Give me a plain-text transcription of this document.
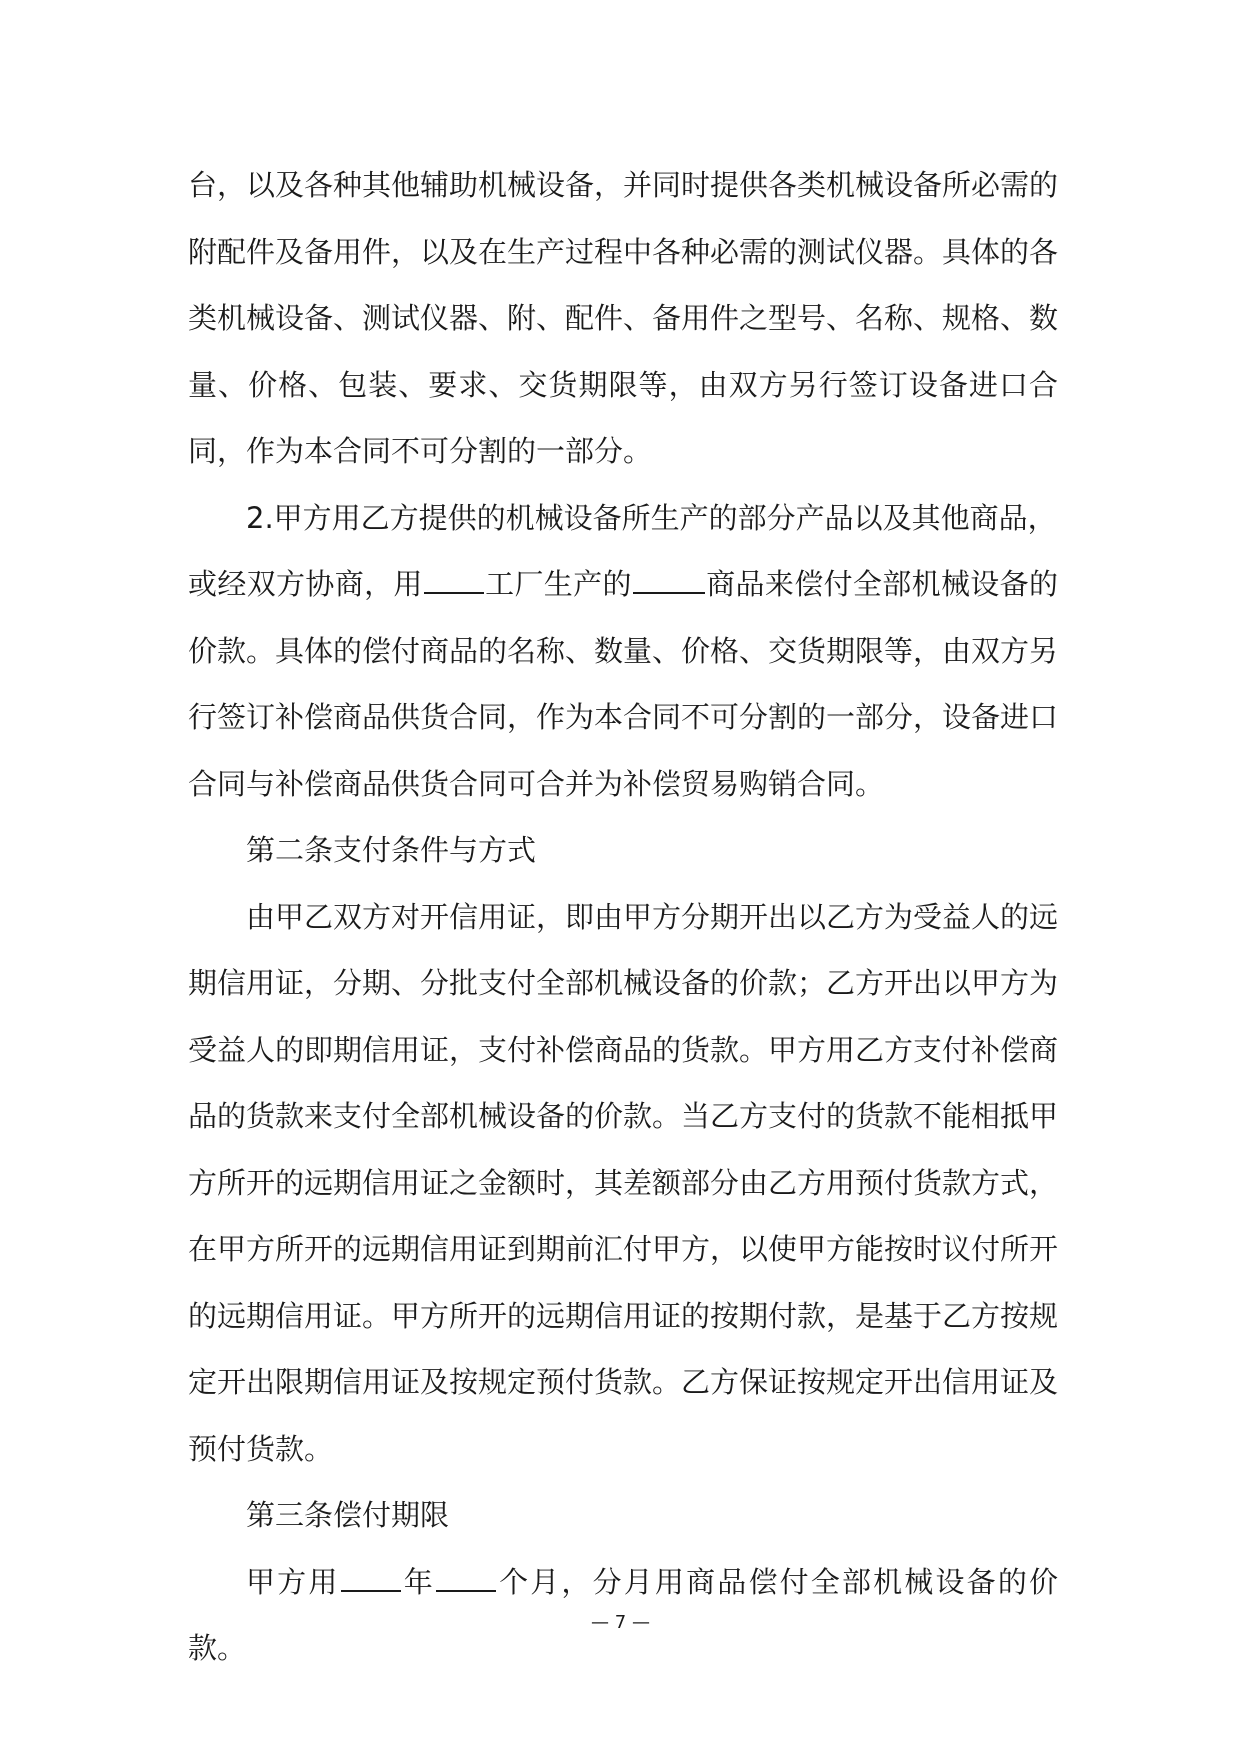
台，以及各种其他辅助机械设备，并同时提供各类机械设备所必需的附配件及备用件，以及在生产过程中各种必需的测试仪器。具体的各类机械设备、测试仪器、附、配件、备用件之型号、名称、规格、数量、价格、包装、要求、交货期限等，由双方另行签订设备进口合同，作为本合同不可分割的一部分。

2.甲方用乙方提供的机械设备所生产的部分产品以及其他商品，

或经双方协商，用 工厂生产的	商品来偿付全部机械设备的价款。具体的偿付商品的名称、数量、价格、交货期限等，由双方另行签订补偿商品供货合同，作为本合同不可分割的一部分，设备进口合同与补偿商品供货合同可合并为补偿贸易购销合同。

第二条支付条件与方式

由甲乙双方对开信用证，即由甲方分期开出以乙方为受益人的远期信用证，分期、分批支付全部机械设备的价款；乙方开出以甲方为受益人的即期信用证，支付补偿商品的货款。甲方用乙方支付补偿商品的货款来支付全部机械设备的价款。当乙方支付的货款不能相抵甲方所开的远期信用证之金额时，其差额部分由乙方用预付货款方式，在甲方所开的远期信用证到期前汇付甲方，以使甲方能按时议付所开的远期信用证。甲方所开的远期信用证的按期付款，是基于乙方按规定开出限期信用证及按规定预付货款。乙方保证按规定开出信用证及预付货款。

第三条偿付期限

甲方用 年 个月，分月用商品偿付全部机械设备的价款。

— 7 —
